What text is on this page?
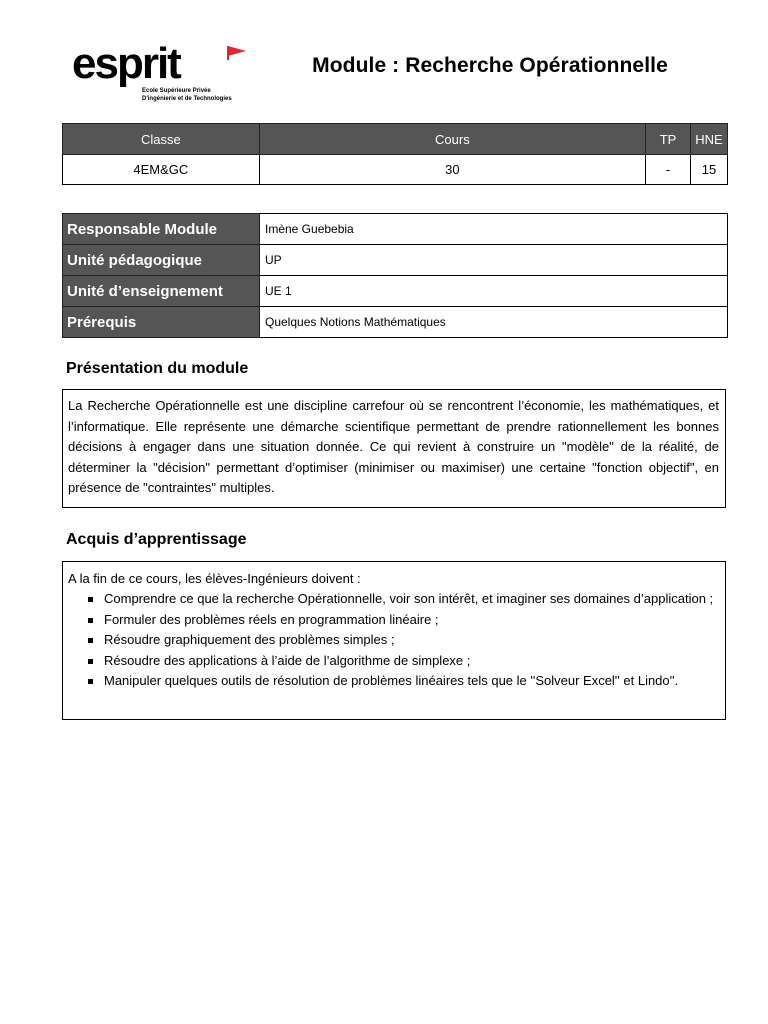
esprit
Ecole Supérieure Privée
D'ingénierie et de Technologies
Module : Recherche Opérationnelle
Classe	Cours	TP	HNE
4EM&GC	30	-	15
Responsable Module	Imène Guebebia
Unité pédagogique	UP
Unité d’enseignement	UE 1
Prérequis	Quelques Notions Mathématiques
Présentation du module
La Recherche Opérationnelle est une discipline carrefour où se rencontrent l’économie, les mathématiques, et l’informatique. Elle représente une démarche scientifique permettant de prendre rationnellement les bonnes décisions à engager dans une situation donnée. Ce qui revient à construire un "modèle" de la réalité, de déterminer la "décision" permettant d’optimiser (minimiser ou maximiser) une certaine "fonction objectif", en présence de "contraintes" multiples.
Acquis d’apprentissage
A la fin de ce cours, les élèves-Ingénieurs doivent :
Comprendre ce que la recherche Opérationnelle, voir son intérêt, et imaginer ses domaines d’application ;
Formuler des problèmes réels en programmation linéaire ;
Résoudre graphiquement des problèmes simples ;
Résoudre des applications à l’aide de l’algorithme de simplexe ;
Manipuler quelques outils de résolution de problèmes linéaires tels que le ''Solveur Excel'' et Lindo''.
